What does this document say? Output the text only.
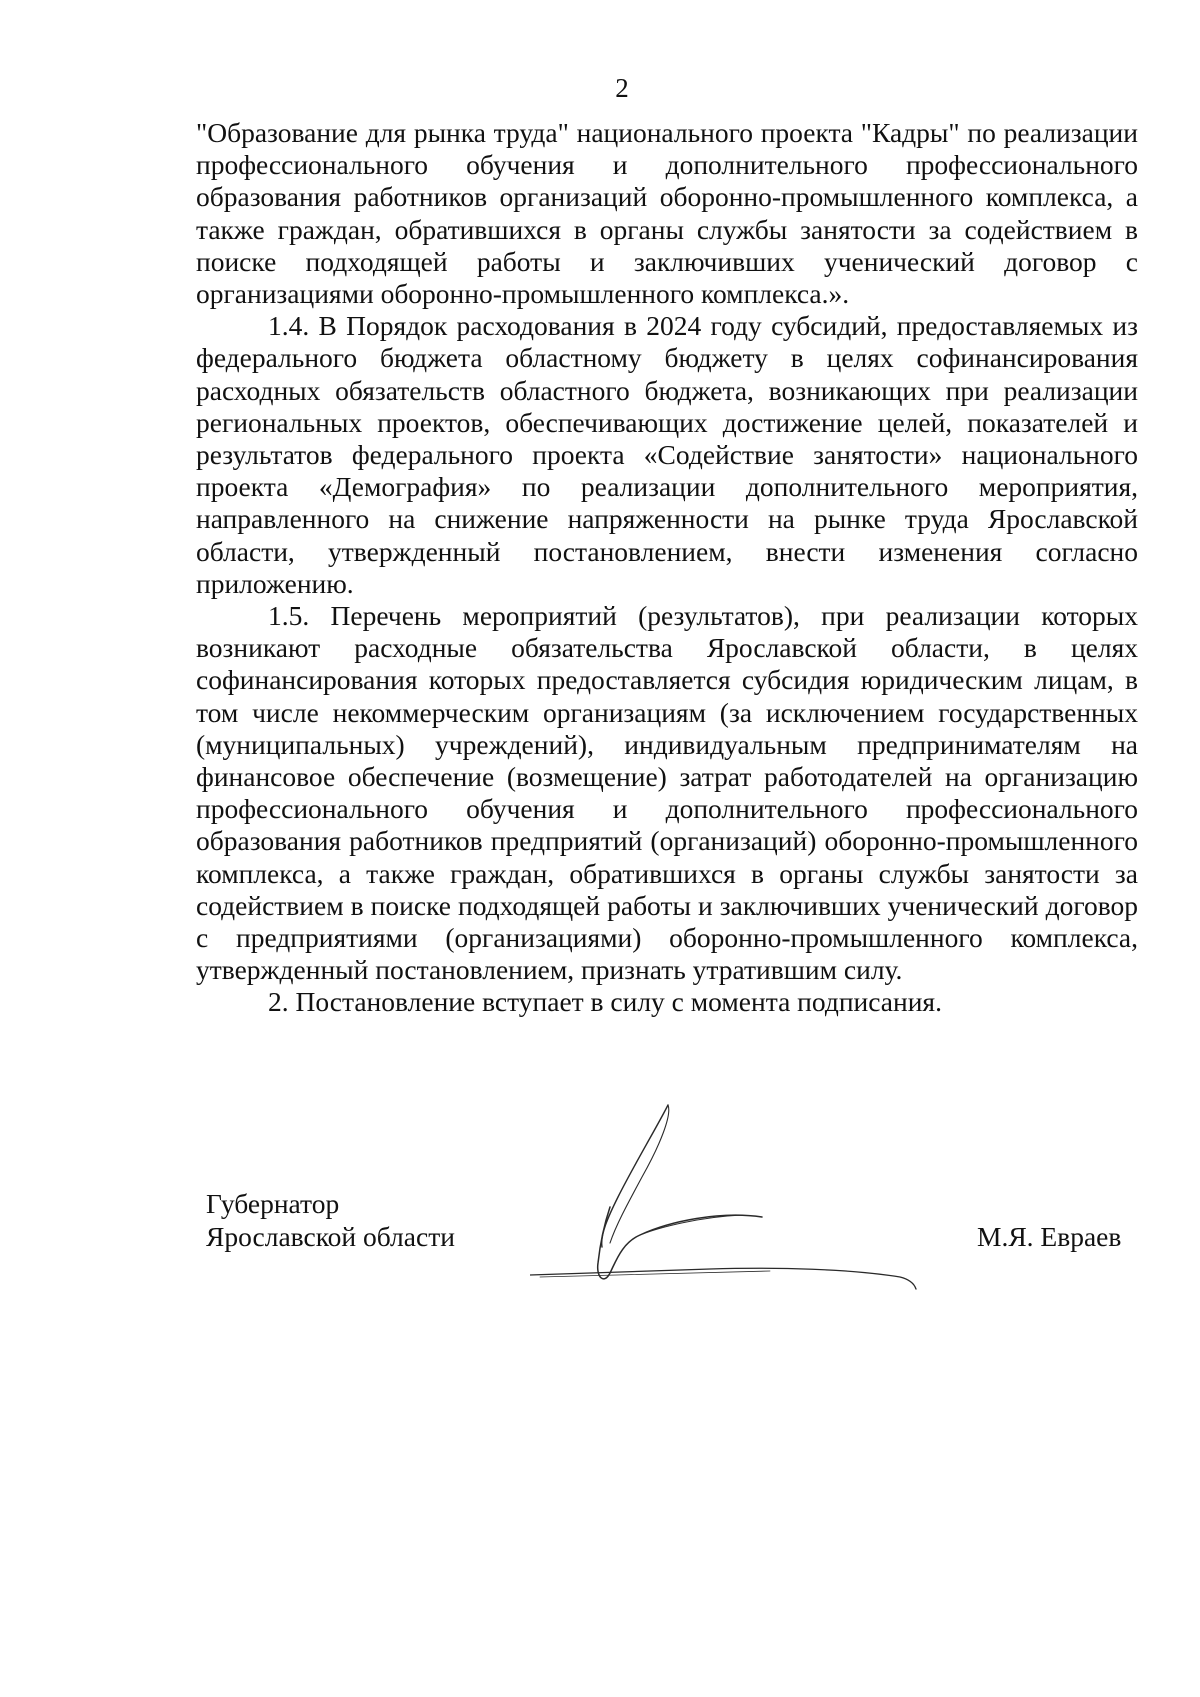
2

"Образование для рынка труда" национального проекта "Кадры" по реализации профессионального обучения и дополнительного профессионального образования работников организаций оборонно-промышленного комплекса, а также граждан, обратившихся в органы службы занятости за содействием в поиске подходящей работы и заключивших ученический договор с организациями оборонно-промышленного комплекса.».

1.4. В Порядок расходования в 2024 году субсидий, предоставляемых из федерального бюджета областному бюджету в целях софинансирования расходных обязательств областного бюджета, возникающих при реализации региональных проектов, обеспечивающих достижение целей, показателей и результатов федерального проекта «Содействие занятости» национального проекта «Демография» по реализации дополнительного мероприятия, направленного на снижение напряженности на рынке труда Ярославской области, утвержденный постановлением, внести изменения согласно приложению.

1.5. Перечень мероприятий (результатов), при реализации которых возникают расходные обязательства Ярославской области, в целях софинансирования которых предоставляется субсидия юридическим лицам, в том числе некоммерческим организациям (за исключением государственных (муниципальных) учреждений), индивидуальным предпринимателям на финансовое обеспечение (возмещение) затрат работодателей на организацию профессионального обучения и дополнительного профессионального образования работников предприятий (организаций) оборонно-промышленного комплекса, а также граждан, обратившихся в органы службы занятости за содействием в поиске подходящей работы и заключивших ученический договор с предприятиями (организациями) оборонно-промышленного комплекса, утвержденный постановлением, признать утратившим силу.

2. Постановление вступает в силу с момента подписания.

Губернатор
Ярославской области	М.Я. Евраев
